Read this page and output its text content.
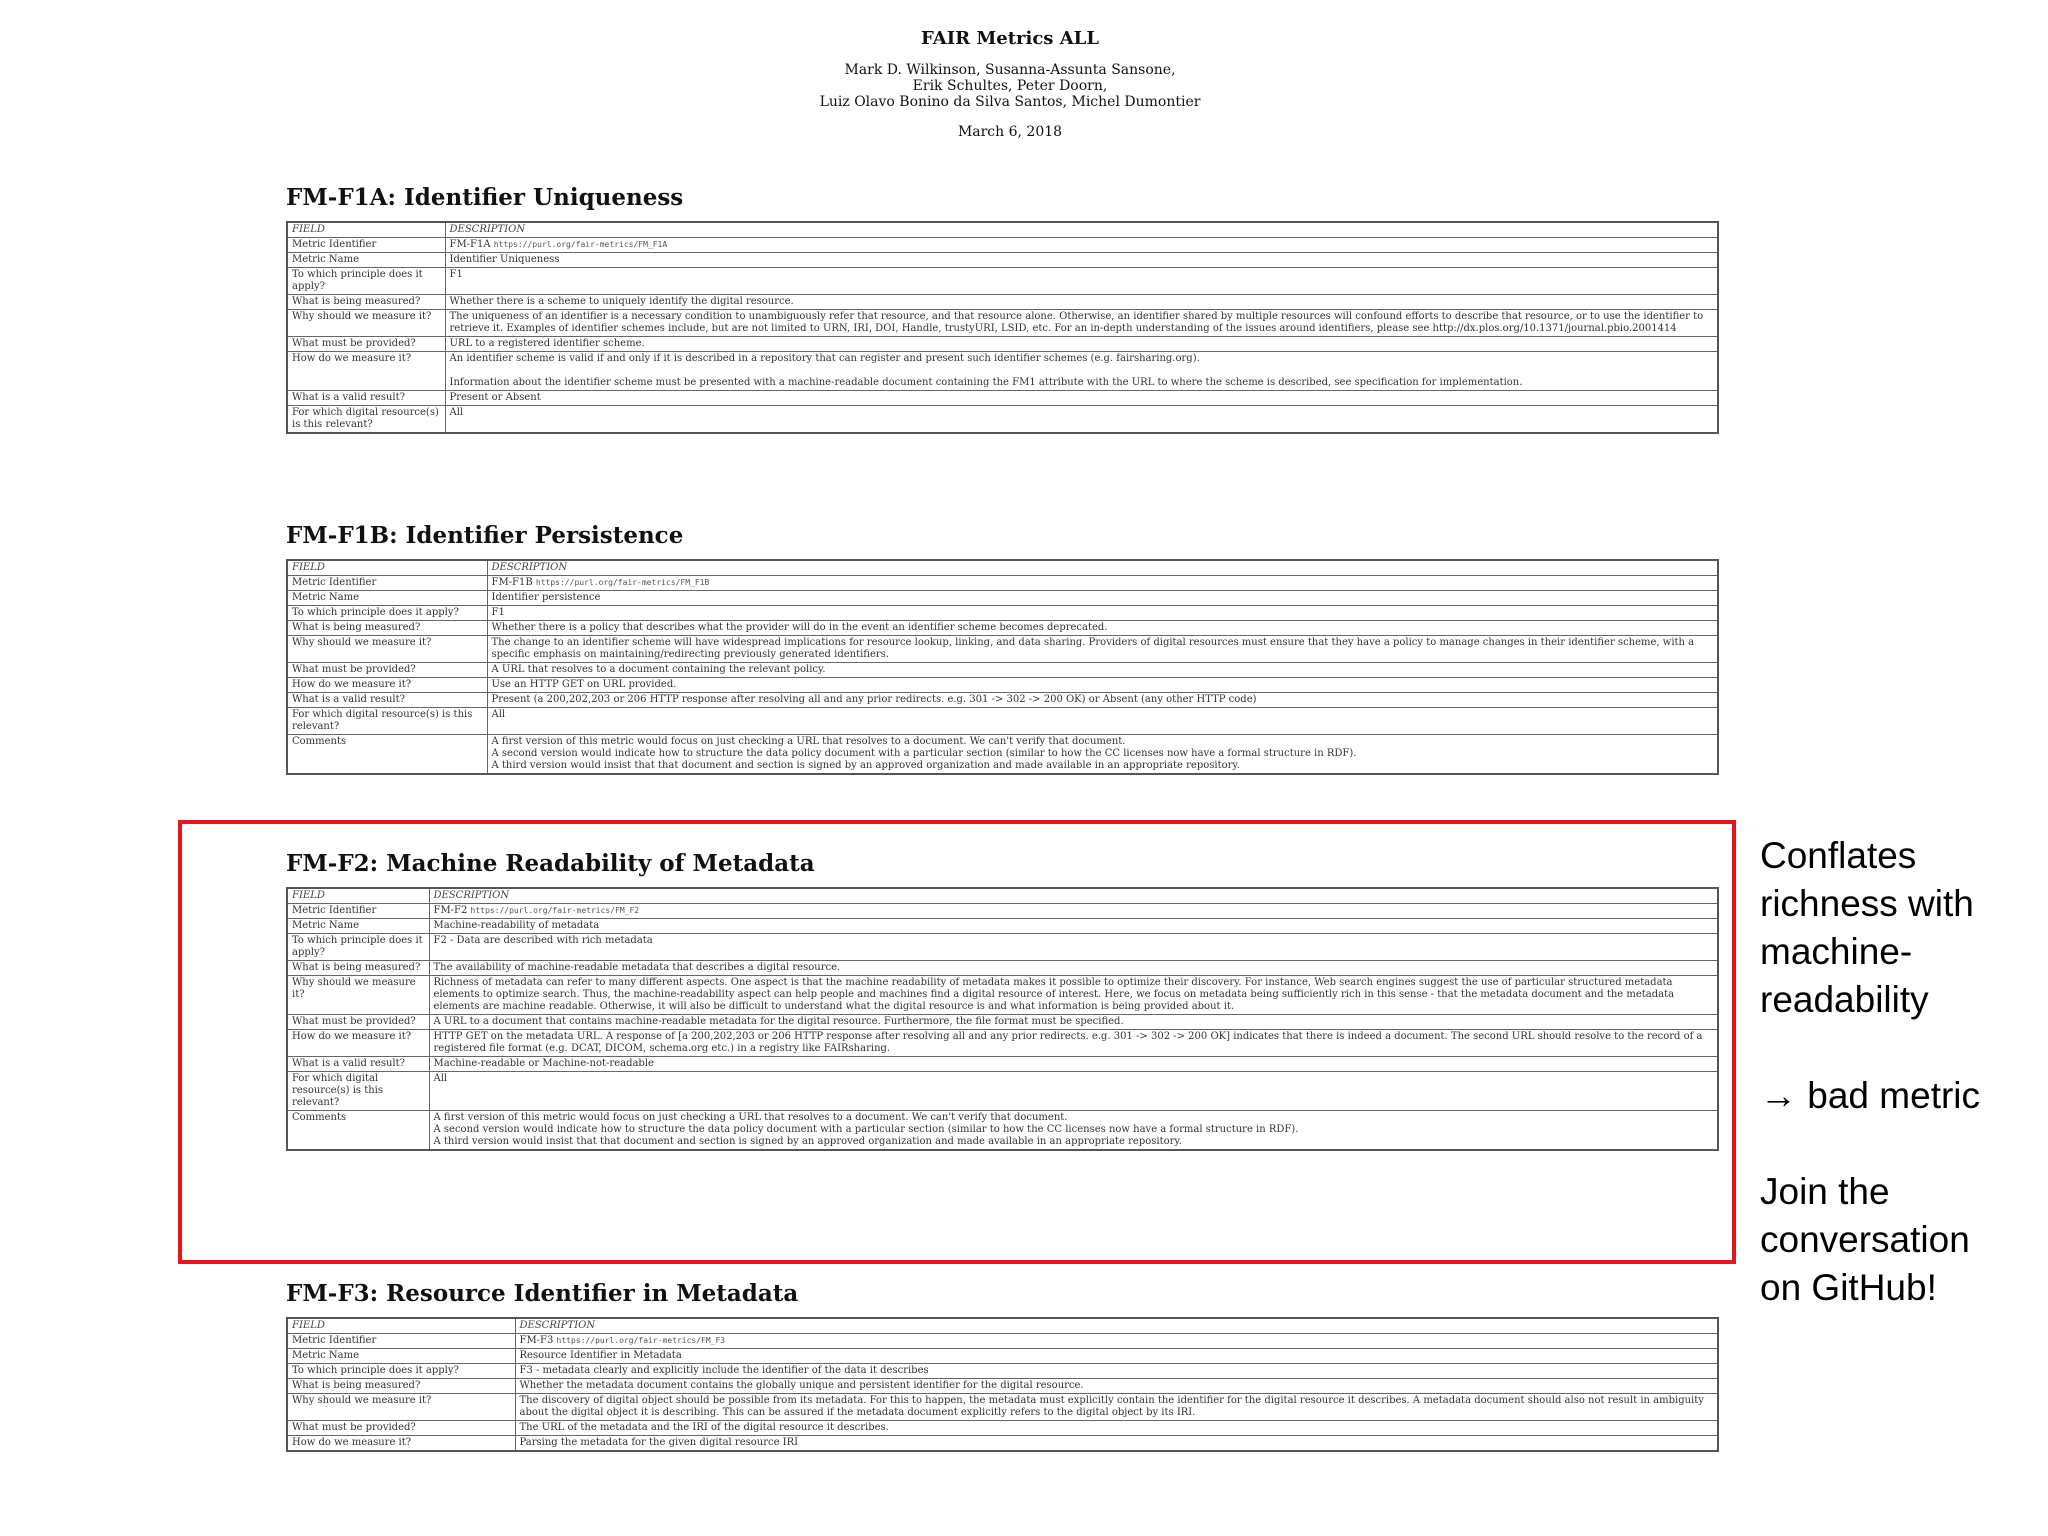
FAIR Metrics ALL
Mark D. Wilkinson, Susanna-Assunta Sansone,
Erik Schultes, Peter Doorn,
Luiz Olavo Bonino da Silva Santos, Michel Dumontier
March 6, 2018
FM-F1A: Identifier Uniqueness
FIELD	DESCRIPTION
Metric Identifier	FM-F1A https://purl.org/fair-metrics/FM_F1A
Metric Name	Identifier Uniqueness
To which principle does it apply?	F1
What is being measured?	Whether there is a scheme to uniquely identify the digital resource.
Why should we measure it?	The uniqueness of an identifier is a necessary condition to unambiguously refer that resource, and that resource alone. Otherwise, an identifier shared by multiple resources will confound efforts to describe that resource, or to use the identifier to retrieve it. Examples of identifier schemes include, but are not limited to URN, IRI, DOI, Handle, trustyURI, LSID, etc. For an in-depth understanding of the issues around identifiers, please see http://dx.plos.org/10.1371/journal.pbio.2001414
What must be provided?	URL to a registered identifier scheme.
How do we measure it?	An identifier scheme is valid if and only if it is described in a repository that can register and present such identifier schemes (e.g. fairsharing.org).
Information about the identifier scheme must be presented with a machine-readable document containing the FM1 attribute with the URL to where the scheme is described, see specification for implementation.

What is a valid result?	Present or Absent
For which digital resource(s) is this relevant?	All
FM-F1B: Identifier Persistence
FIELD	DESCRIPTION
Metric Identifier	FM-F1B https://purl.org/fair-metrics/FM_F1B
Metric Name	Identifier persistence
To which principle does it apply?	F1
What is being measured?	Whether there is a policy that describes what the provider will do in the event an identifier scheme becomes deprecated.
Why should we measure it?	The change to an identifier scheme will have widespread implications for resource lookup, linking, and data sharing. Providers of digital resources must ensure that they have a policy to manage changes in their identifier scheme, with a specific emphasis on maintaining/redirecting previously generated identifiers.
What must be provided?	A URL that resolves to a document containing the relevant policy.
How do we measure it?	Use an HTTP GET on URL provided.
What is a valid result?	Present (a 200,202,203 or 206 HTTP response after resolving all and any prior redirects. e.g. 301 -> 302 -> 200 OK) or Absent (any other HTTP code)
For which digital resource(s) is this relevant?	All
Comments	A first version of this metric would focus on just checking a URL that resolves to a document. We can't verify that document.
A second version would indicate how to structure the data policy document with a particular section (similar to how the CC licenses now have a formal structure in RDF).
A third version would insist that that document and section is signed by an approved organization and made available in an appropriate repository.
FM-F2: Machine Readability of Metadata
FIELD	DESCRIPTION
Metric Identifier	FM-F2 https://purl.org/fair-metrics/FM_F2
Metric Name	Machine-readability of metadata
To which principle does it apply?	F2 - Data are described with rich metadata
What is being measured?	The availability of machine-readable metadata that describes a digital resource.
Why should we measure it?	Richness of metadata can refer to many different aspects. One aspect is that the machine readability of metadata makes it possible to optimize their discovery. For instance, Web search engines suggest the use of particular structured metadata elements to optimize search. Thus, the machine-readability aspect can help people and machines find a digital resource of interest. Here, we focus on metadata being sufficiently rich in this sense - that the metadata document and the metadata elements are machine readable. Otherwise, it will also be difficult to understand what the digital resource is and what information is being provided about it.
What must be provided?	A URL to a document that contains machine-readable metadata for the digital resource. Furthermore, the file format must be specified.
How do we measure it?	HTTP GET on the metadata URL. A response of [a 200,202,203 or 206 HTTP response after resolving all and any prior redirects. e.g. 301 -> 302 -> 200 OK] indicates that there is indeed a document. The second URL should resolve to the record of a registered file format (e.g. DCAT, DICOM, schema.org etc.) in a registry like FAIRsharing.
What is a valid result?	Machine-readable or Machine-not-readable
For which digital resource(s) is this relevant?	All
Comments	A first version of this metric would focus on just checking a URL that resolves to a document. We can't verify that document.
A second version would indicate how to structure the data policy document with a particular section (similar to how the CC licenses now have a formal structure in RDF).
A third version would insist that that document and section is signed by an approved organization and made available in an appropriate repository.
FM-F3: Resource Identifier in Metadata
FIELD	DESCRIPTION
Metric Identifier	FM-F3 https://purl.org/fair-metrics/FM_F3
Metric Name	Resource Identifier in Metadata
To which principle does it apply?	F3 - metadata clearly and explicitly include the identifier of the data it describes
What is being measured?	Whether the metadata document contains the globally unique and persistent identifier for the digital resource.
Why should we measure it?	The discovery of digital object should be possible from its metadata. For this to happen, the metadata must explicitly contain the identifier for the digital resource it describes. A metadata document should also not result in ambiguity about the digital object it is describing. This can be assured if the metadata document explicitly refers to the digital object by its IRI.
What must be provided?	The URL of the metadata and the IRI of the digital resource it describes.
How do we measure it?	Parsing the metadata for the given digital resource IRI

Conflates

richness with

machine-

readability

→ bad metric

Join the

conversation

on GitHub!
